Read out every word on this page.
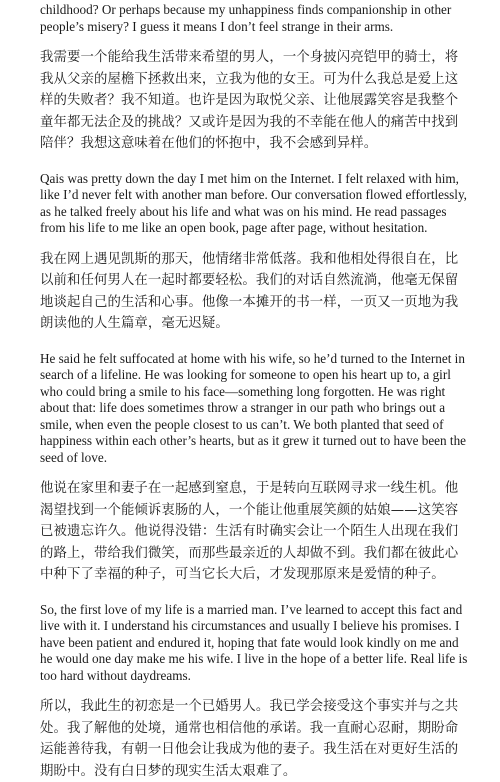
childhood? Or perhaps because my unhappiness finds companionship in other people’s misery? I guess it means I don’t feel strange in their arms.

我需要一个能给我生活带来希望的男人，一个身披闪亮铠甲的骑士，将我从父亲的屋檐下拯救出来，立我为他的女王。可为什么我总是爱上这样的失败者？我不知道。也许是因为取悦父亲、让他展露笑容是我整个童年都无法企及的挑战？又或许是因为我的不幸能在他人的痛苦中找到陪伴？我想这意味着在他们的怀抱中，我不会感到异样。

Qais was pretty down the day I met him on the Internet. I felt relaxed with him, like I’d never felt with another man before. Our conversation flowed effortlessly, as he talked freely about his life and what was on his mind. He read passages from his life to me like an open book, page after page, without hesitation.

我在网上遇见凯斯的那天，他情绪非常低落。我和他相处得很自在，比以前和任何男人在一起时都要轻松。我们的对话自然流淌，他毫无保留地谈起自己的生活和心事。他像一本摊开的书一样，一页又一页地为我朗读他的人生篇章，毫无迟疑。

He said he felt suffocated at home with his wife, so he’d turned to the Internet in search of a lifeline. He was looking for someone to open his heart up to, a girl who could bring a smile to his face—something long forgotten. He was right about that: life does sometimes throw a stranger in our path who brings out a smile, when even the people closest to us can’t. We both planted that seed of happiness within each other’s hearts, but as it grew it turned out to have been the seed of love.

他说在家里和妻子在一起感到窒息，于是转向互联网寻求一线生机。他渴望找到一个能倾诉衷肠的人，一个能让他重展笑颜的姑娘——这笑容已被遗忘许久。他说得没错：生活有时确实会让一个陌生人出现在我们的路上，带给我们微笑，而那些最亲近的人却做不到。我们都在彼此心中种下了幸福的种子，可当它长大后，才发现那原来是爱情的种子。

So, the first love of my life is a married man. I’ve learned to accept this fact and live with it. I understand his circumstances and usually I believe his promises. I have been patient and endured it, hoping that fate would look kindly on me and he would one day make me his wife. I live in the hope of a better life. Real life is too hard without daydreams.

所以，我此生的初恋是一个已婚男人。我已学会接受这个事实并与之共处。我了解他的处境，通常也相信他的承诺。我一直耐心忍耐，期盼命运能善待我，有朝一日他会让我成为他的妻子。我生活在对更好生活的期盼中。没有白日梦的现实生活太艰难了。
